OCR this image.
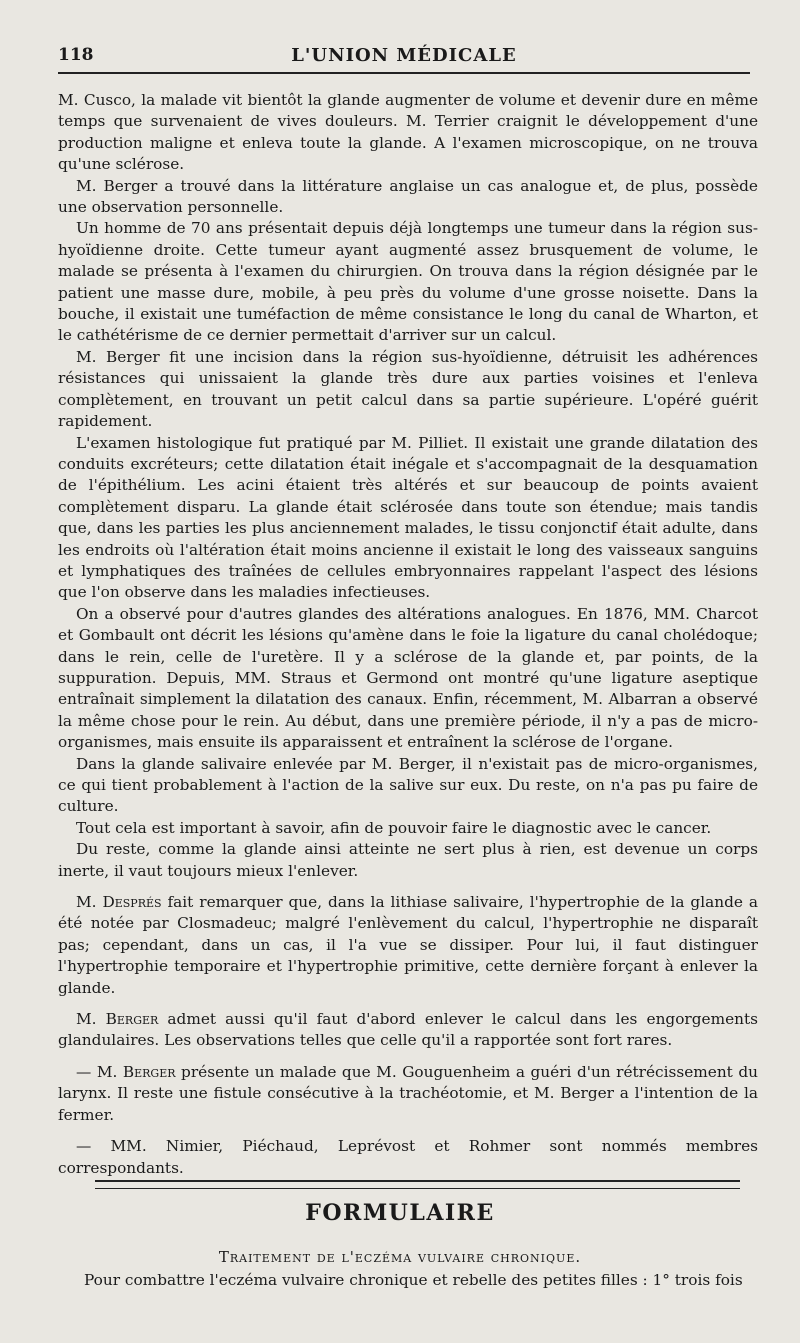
118	L'UNION MÉDICALE

M. Cusco, la malade vit bientôt la glande augmenter de volume et devenir dure en même temps que survenaient de vives douleurs. M. Terrier craignit le développement d'une production maligne et enleva toute la glande. A l'examen microscopique, on ne trouva qu'une sclérose.

M. Berger a trouvé dans la littérature anglaise un cas analogue et, de plus, possède une observation personnelle.

Un homme de 70 ans présentait depuis déjà longtemps une tumeur dans la région sus-hyoïdienne droite. Cette tumeur ayant augmenté assez brusquement de volume, le malade se présenta à l'examen du chirurgien. On trouva dans la région désignée par le patient une masse dure, mobile, à peu près du volume d'une grosse noisette. Dans la bouche, il existait une tuméfaction de même consistance le long du canal de Wharton, et le cathétérisme de ce dernier permettait d'arriver sur un calcul.

M. Berger fit une incision dans la région sus-hyoïdienne, détruisit les adhérences résistances qui unissaient la glande très dure aux parties voisines et l'enleva complètement, en trouvant un petit calcul dans sa partie supérieure. L'opéré guérit rapidement.

L'examen histologique fut pratiqué par M. Pilliet. Il existait une grande dilatation des conduits excréteurs; cette dilatation était inégale et s'accompagnait de la desquamation de l'épithélium. Les acini étaient très altérés et sur beaucoup de points avaient complètement disparu. La glande était sclérosée dans toute son étendue; mais tandis que, dans les parties les plus anciennement malades, le tissu conjonctif était adulte, dans les endroits où l'altération était moins ancienne il existait le long des vaisseaux sanguins et lymphatiques des traînées de cellules embryonnaires rappelant l'aspect des lésions que l'on observe dans les maladies infectieuses.

On a observé pour d'autres glandes des altérations analogues. En 1876, MM. Charcot et Gombault ont décrit les lésions qu'amène dans le foie la ligature du canal cholédoque; dans le rein, celle de l'uretère. Il y a sclérose de la glande et, par points, de la suppuration. Depuis, MM. Straus et Germond ont montré qu'une ligature aseptique entraînait simplement la dilatation des canaux. Enfin, récemment, M. Albarran a observé la même chose pour le rein. Au début, dans une première période, il n'y a pas de micro-organismes, mais ensuite ils apparaissent et entraînent la sclérose de l'organe.

Dans la glande salivaire enlevée par M. Berger, il n'existait pas de micro-organismes, ce qui tient probablement à l'action de la salive sur eux. Du reste, on n'a pas pu faire de culture.

Tout cela est important à savoir, afin de pouvoir faire le diagnostic avec le cancer.

Du reste, comme la glande ainsi atteinte ne sert plus à rien, est devenue un corps inerte, il vaut toujours mieux l'enlever.

M. Després fait remarquer que, dans la lithiase salivaire, l'hypertrophie de la glande a été notée par Closmadeuc; malgré l'enlèvement du calcul, l'hypertrophie ne disparaît pas; cependant, dans un cas, il l'a vue se dissiper. Pour lui, il faut distinguer l'hypertrophie temporaire et l'hypertrophie primitive, cette dernière forçant à enlever la glande.

M. Berger admet aussi qu'il faut d'abord enlever le calcul dans les engorgements glandulaires. Les observations telles que celle qu'il a rapportée sont fort rares.

— M. Berger présente un malade que M. Gouguenheim a guéri d'un rétrécissement du larynx. Il reste une fistule consécutive à la trachéotomie, et M. Berger a l'intention de la fermer.

— MM. Nimier, Piéchaud, Leprévost et Rohmer sont nommés membres correspondants.

FORMULAIRE
Traitement de l'eczéma vulvaire chronique.
Pour combattre l'eczéma vulvaire chronique et rebelle des petites filles : 1° trois fois
